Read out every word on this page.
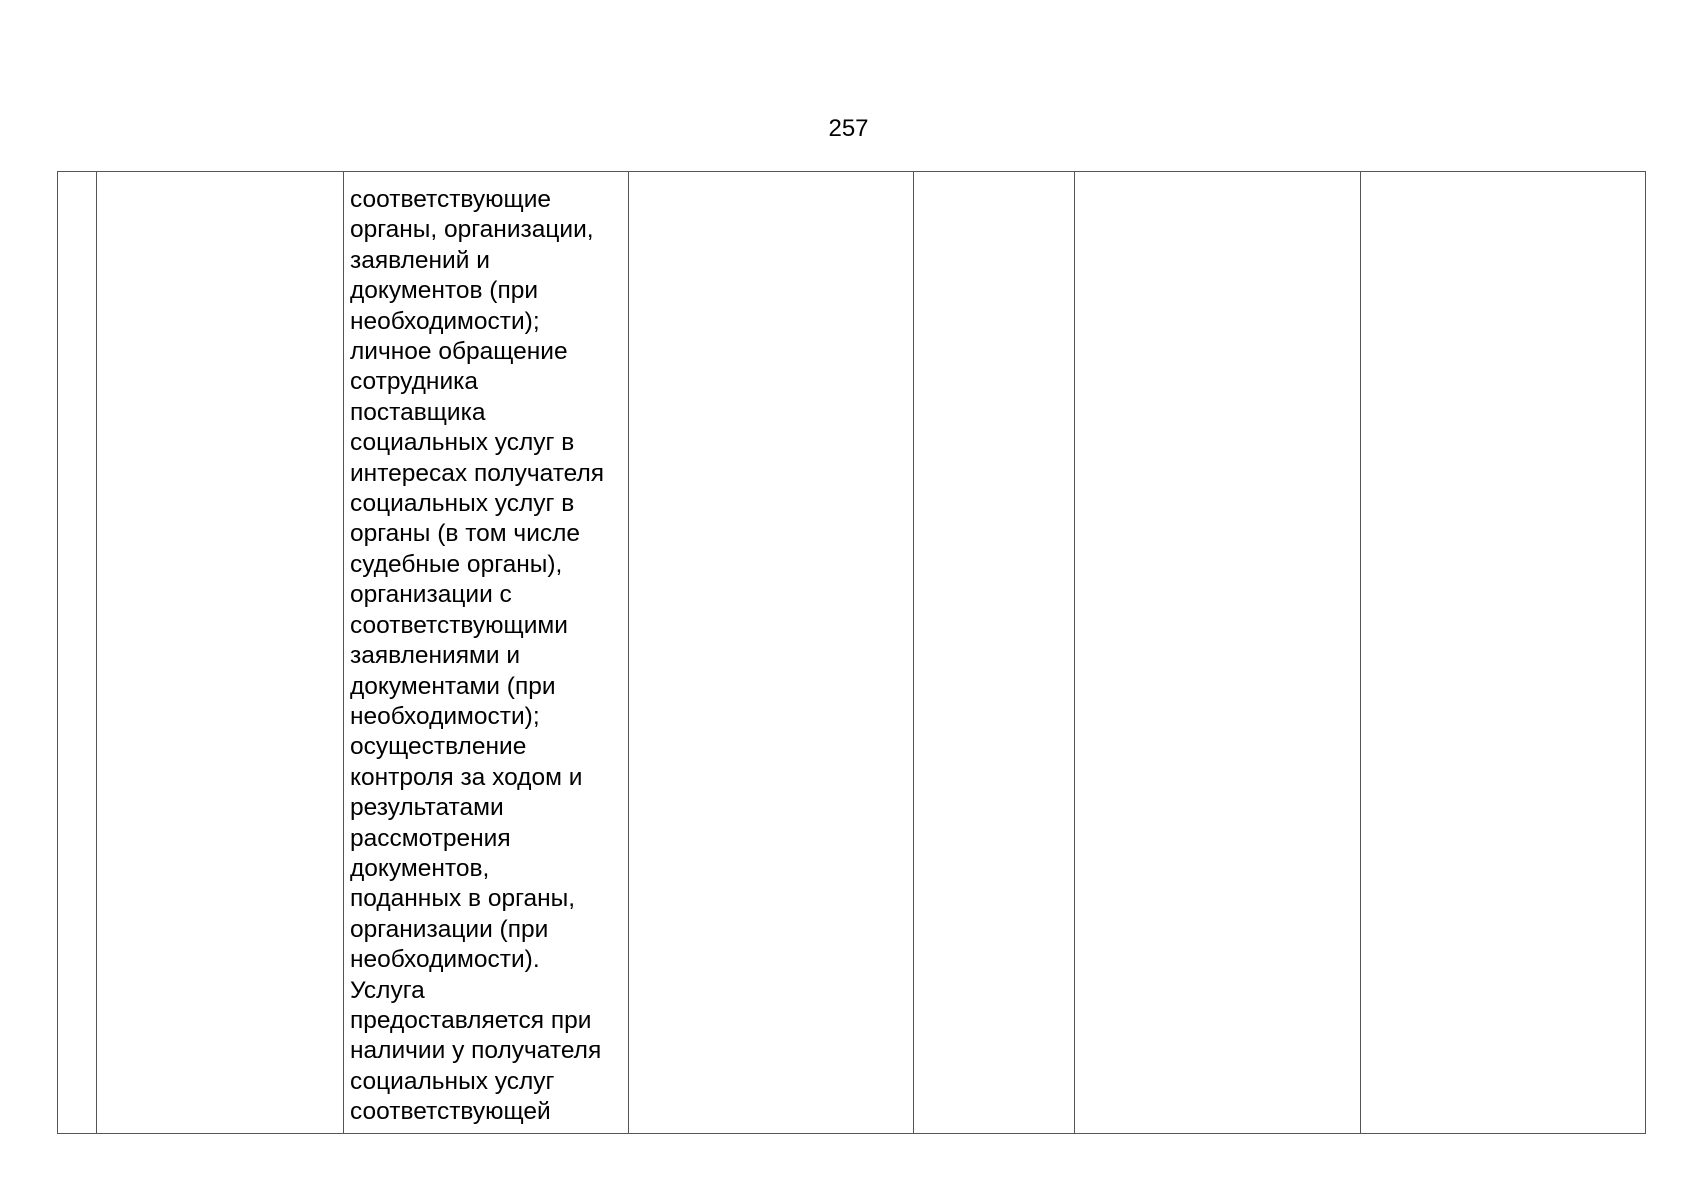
257

соответствующие
органы, организации,
заявлений и
документов (при
необходимости);
личное обращение
сотрудника
поставщика
социальных услуг в
интересах получателя
социальных услуг в
органы (в том числе
судебные органы),
организации с
соответствующими
заявлениями и
документами (при
необходимости);
осуществление
контроля за ходом и
результатами
рассмотрения
документов,
поданных в органы,
организации (при
необходимости).
Услуга
предоставляется при
наличии у получателя
социальных услуг
соответствующей
